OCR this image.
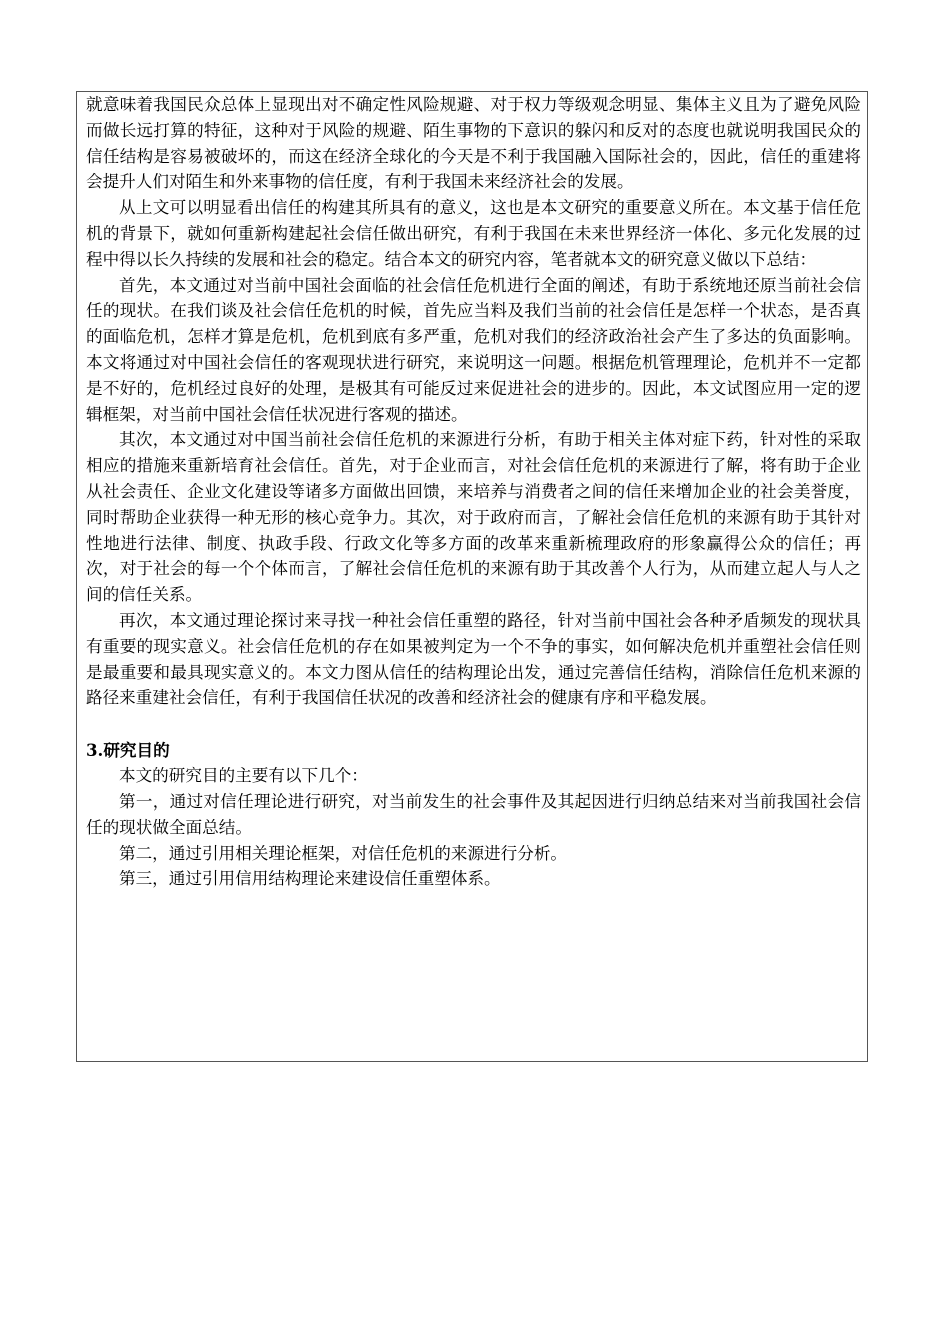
就意味着我国民众总体上显现出对不确定性风险规避、对于权力等级观念明显、集体主义且为了避免风险而做长远打算的特征，这种对于风险的规避、陌生事物的下意识的躲闪和反对的态度也就说明我国民众的信任结构是容易被破坏的，而这在经济全球化的今天是不利于我国融入国际社会的，因此，信任的重建将会提升人们对陌生和外来事物的信任度，有利于我国未来经济社会的发展。

从上文可以明显看出信任的构建其所具有的意义，这也是本文研究的重要意义所在。本文基于信任危机的背景下，就如何重新构建起社会信任做出研究，有利于我国在未来世界经济一体化、多元化发展的过程中得以长久持续的发展和社会的稳定。结合本文的研究内容，笔者就本文的研究意义做以下总结：

首先，本文通过对当前中国社会面临的社会信任危机进行全面的阐述，有助于系统地还原当前社会信任的现状。在我们谈及社会信任危机的时候，首先应当料及我们当前的社会信任是怎样一个状态，是否真的面临危机，怎样才算是危机，危机到底有多严重，危机对我们的经济政治社会产生了多达的负面影响。本文将通过对中国社会信任的客观现状进行研究，来说明这一问题。根据危机管理理论，危机并不一定都是不好的，危机经过良好的处理，是极其有可能反过来促进社会的进步的。因此，本文试图应用一定的逻辑框架，对当前中国社会信任状况进行客观的描述。

其次，本文通过对中国当前社会信任危机的来源进行分析，有助于相关主体对症下药，针对性的采取相应的措施来重新培育社会信任。首先，对于企业而言，对社会信任危机的来源进行了解，将有助于企业从社会责任、企业文化建设等诸多方面做出回馈，来培养与消费者之间的信任来增加企业的社会美誉度，同时帮助企业获得一种无形的核心竞争力。其次，对于政府而言，了解社会信任危机的来源有助于其针对性地进行法律、制度、执政手段、行政文化等多方面的改革来重新梳理政府的形象赢得公众的信任；再次，对于社会的每一个个体而言，了解社会信任危机的来源有助于其改善个人行为，从而建立起人与人之间的信任关系。

再次，本文通过理论探讨来寻找一种社会信任重塑的路径，针对当前中国社会各种矛盾频发的现状具有重要的现实意义。社会信任危机的存在如果被判定为一个不争的事实，如何解决危机并重塑社会信任则是最重要和最具现实意义的。本文力图从信任的结构理论出发，通过完善信任结构，消除信任危机来源的路径来重建社会信任，有利于我国信任状况的改善和经济社会的健康有序和平稳发展。

3.研究目的

本文的研究目的主要有以下几个：

第一，通过对信任理论进行研究，对当前发生的社会事件及其起因进行归纳总结来对当前我国社会信任的现状做全面总结。

第二，通过引用相关理论框架，对信任危机的来源进行分析。

第三，通过引用信用结构理论来建设信任重塑体系。
